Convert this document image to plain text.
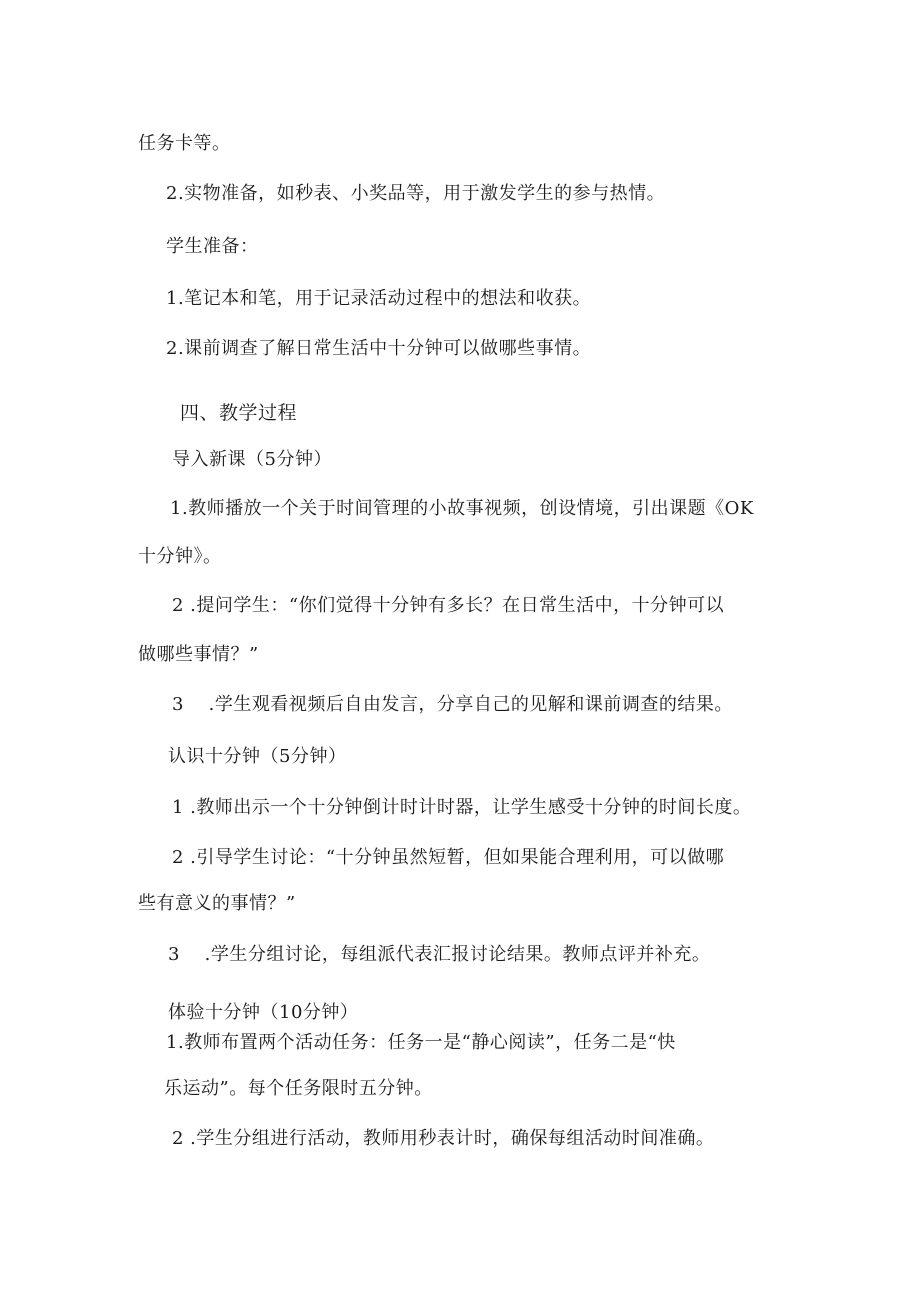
任务卡等。
2.实物准备，如秒表、小奖品等，用于激发学生的参与热情。
学生准备：
1.笔记本和笔，用于记录活动过程中的想法和收获。
2.课前调查了解日常生活中十分钟可以做哪些事情。
四、教学过程
导入新课（5分钟）
1.教师播放一个关于时间管理的小故事视频，创设情境，引出课题《OK
十分钟》。
2 .提问学生：“你们觉得十分钟有多长？在日常生活中，十分钟可以
做哪些事情？”
3　 .学生观看视频后自由发言，分享自己的见解和课前调查的结果。
认识十分钟（5分钟）
1 .教师出示一个十分钟倒计时计时器，让学生感受十分钟的时间长度。
2 .引导学生讨论：“十分钟虽然短暂，但如果能合理利用，可以做哪
些有意义的事情？”
3　 .学生分组讨论，每组派代表汇报讨论结果。教师点评并补充。
体验十分钟（10分钟）
1.教师布置两个活动任务：任务一是“静心阅读”，任务二是“快
乐运动”。每个任务限时五分钟。
2 .学生分组进行活动，教师用秒表计时，确保每组活动时间准确。
